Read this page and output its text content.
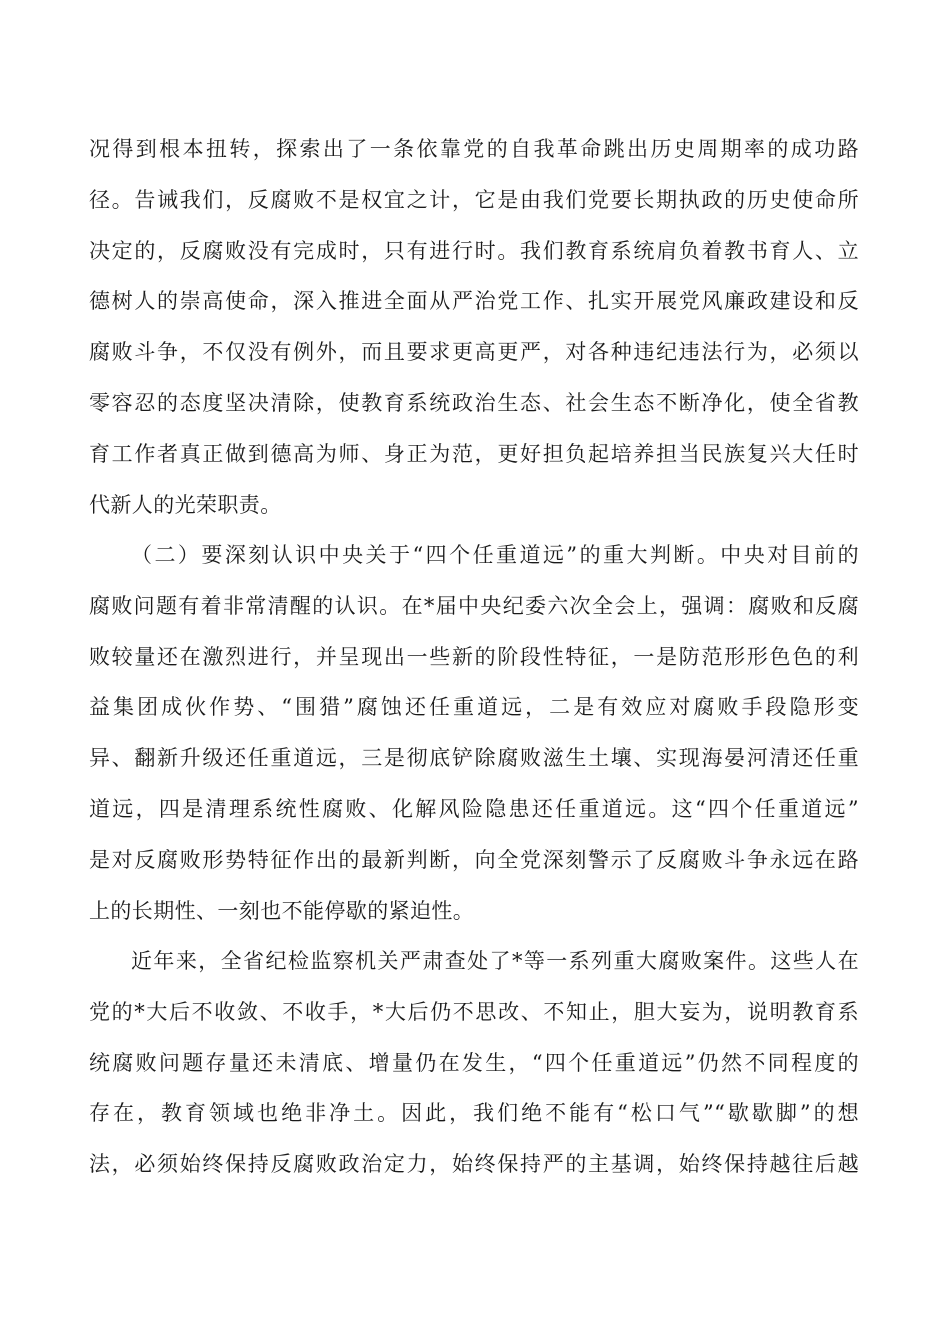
况得到根本扭转，探索出了一条依靠党的自我革命跳出历史周期率的成功路
径。告诫我们，反腐败不是权宜之计，它是由我们党要长期执政的历史使命所
决定的，反腐败没有完成时，只有进行时。我们教育系统肩负着教书育人、立
德树人的崇高使命，深入推进全面从严治党工作、扎实开展党风廉政建设和反
腐败斗争，不仅没有例外，而且要求更高更严，对各种违纪违法行为，必须以
零容忍的态度坚决清除，使教育系统政治生态、社会生态不断净化，使全省教
育工作者真正做到德高为师、身正为范，更好担负起培养担当民族复兴大任时
代新人的光荣职责。
（二）要深刻认识中央关于“四个任重道远”的重大判断。中央对目前的
腐败问题有着非常清醒的认识。在*届中央纪委六次全会上，强调：腐败和反腐
败较量还在激烈进行，并呈现出一些新的阶段性特征，一是防范形形色色的利
益集团成伙作势、“围猎”腐蚀还任重道远，二是有效应对腐败手段隐形变
异、翻新升级还任重道远，三是彻底铲除腐败滋生土壤、实现海晏河清还任重
道远，四是清理系统性腐败、化解风险隐患还任重道远。这“四个任重道远”
是对反腐败形势特征作出的最新判断，向全党深刻警示了反腐败斗争永远在路
上的长期性、一刻也不能停歇的紧迫性。
近年来，全省纪检监察机关严肃查处了*等一系列重大腐败案件。这些人在
党的*大后不收敛、不收手，*大后仍不思改、不知止，胆大妄为，说明教育系
统腐败问题存量还未清底、增量仍在发生，“四个任重道远”仍然不同程度的
存在，教育领域也绝非净土。因此，我们绝不能有“松口气”“歇歇脚”的想
法，必须始终保持反腐败政治定力，始终保持严的主基调，始终保持越往后越
